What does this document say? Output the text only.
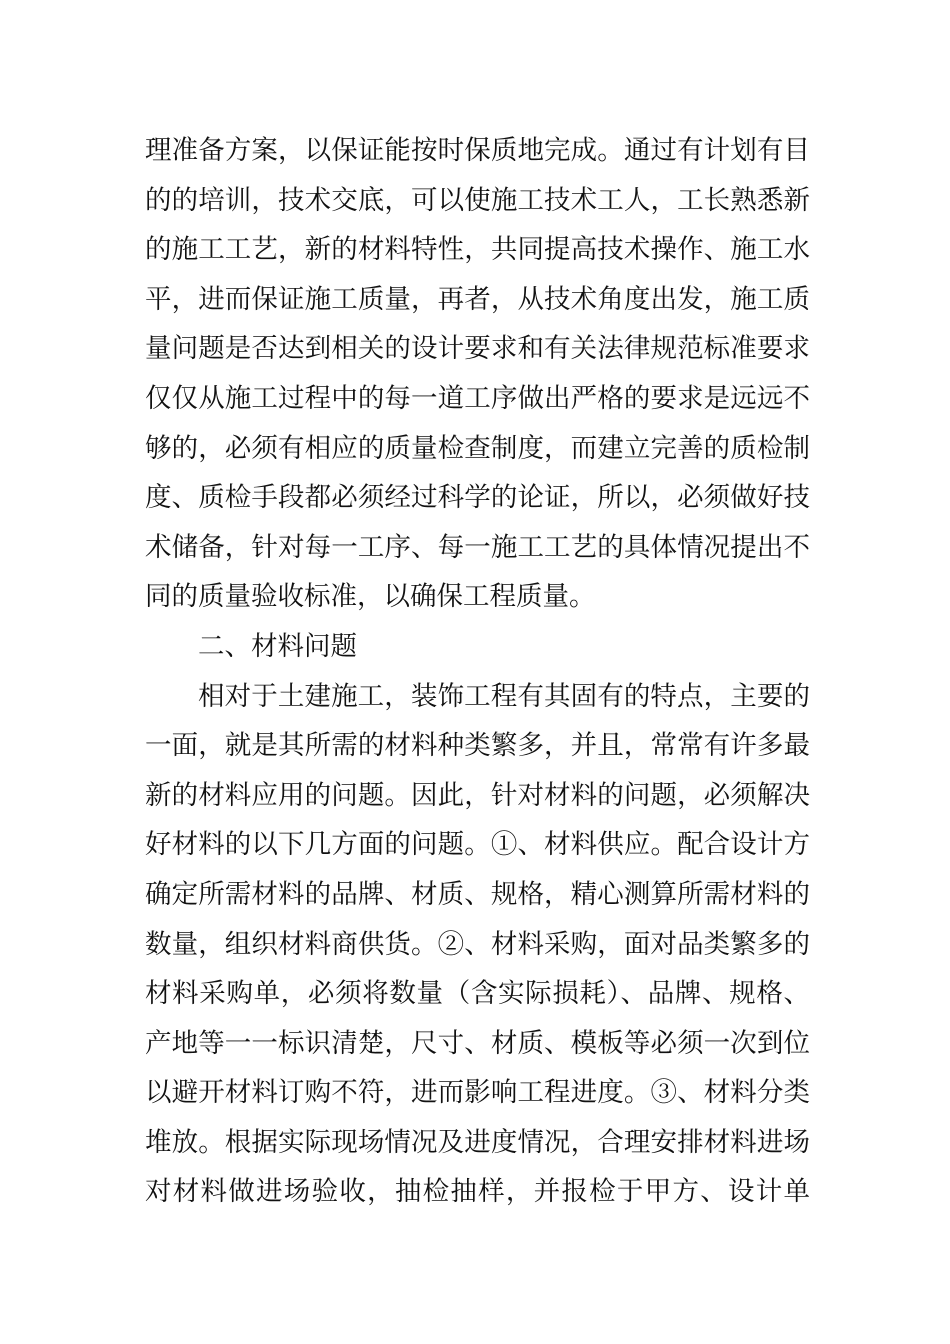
理准备方案，以保证能按时保质地完成。通过有计划有目
的的培训，技术交底，可以使施工技术工人，工长熟悉新
的施工工艺，新的材料特性，共同提高技术操作、施工水
平，进而保证施工质量，再者，从技术角度出发，施工质
量问题是否达到相关的设计要求和有关法律规范标准要求
仅仅从施工过程中的每一道工序做出严格的要求是远远不
够的，必须有相应的质量检查制度，而建立完善的质检制
度、质检手段都必须经过科学的论证，所以，必须做好技
术储备，针对每一工序、每一施工工艺的具体情况提出不
同的质量验收标准，以确保工程质量。
二、材料问题
相对于土建施工，装饰工程有其固有的特点，主要的
一面，就是其所需的材料种类繁多，并且，常常有许多最
新的材料应用的问题。因此，针对材料的问题，必须解决
好材料的以下几方面的问题。①、材料供应。配合设计方
确定所需材料的品牌、材质、规格，精心测算所需材料的
数量，组织材料商供货。②、材料采购，面对品类繁多的
材料采购单，必须将数量（含实际损耗）、品牌、规格、
产地等一一标识清楚，尺寸、材质、模板等必须一次到位
以避开材料订购不符，进而影响工程进度。③、材料分类
堆放。根据实际现场情况及进度情况，合理安排材料进场
对材料做进场验收，抽检抽样，并报检于甲方、设计单
